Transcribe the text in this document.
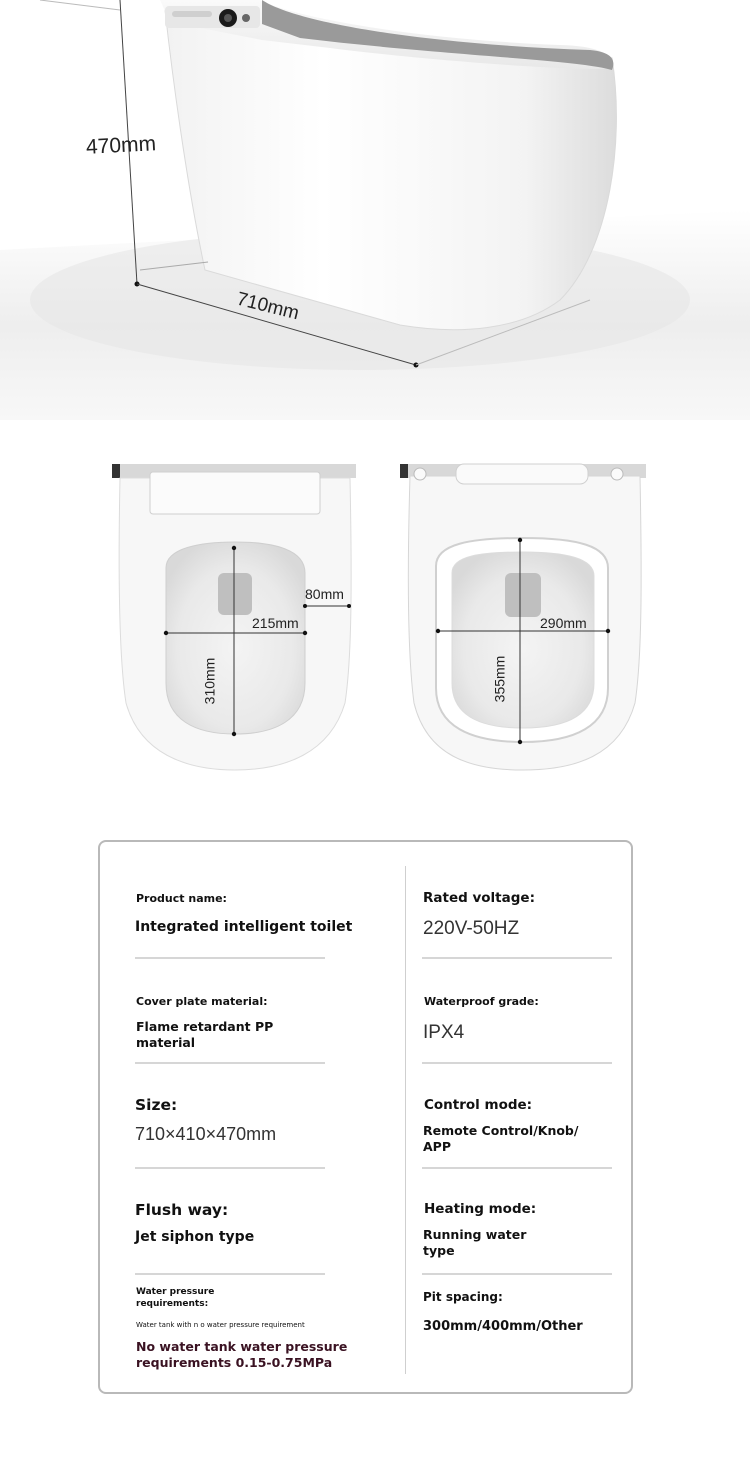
470mm
710mm
80mm
215mm
310mm
290mm
355mm
Product name:
Integrated intelligent toilet
Cover plate material:
Flame retardant PP
material
Size:
710×410×470mm
Flush way:
Jet siphon type
Water pressure
requirements:
Water tank with n o water pressure requirement
No water tank water pressure
requirements 0.15-0.75MPa
Rated voltage:
220V-50HZ
Waterproof grade:
IPX4
Control mode:
Remote Control/Knob/
APP
Heating mode:
Running water
type
Pit spacing:
300mm/400mm/Other
